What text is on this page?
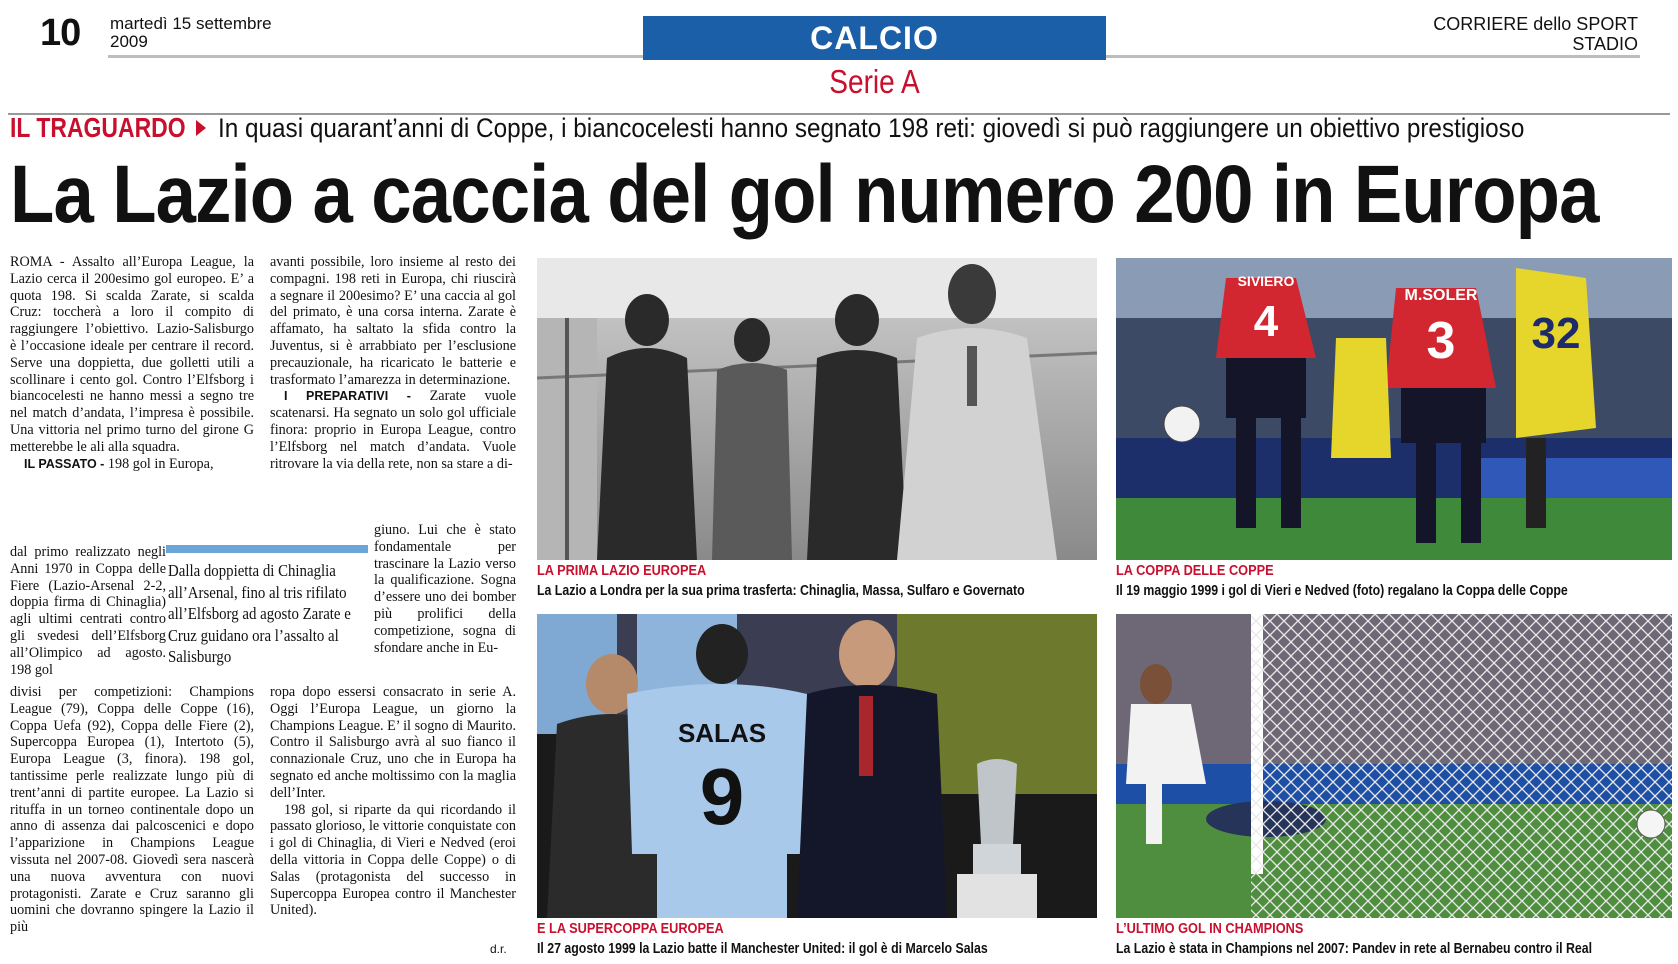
10 martedì 15 settembre
2009	CALCIO	CORRIERE dello SPORT
STADIO
Serie A
IL TRAGUARDO In quasi quarant’anni di Coppe, i biancocelesti hanno segnato 198 reti: giovedì si può raggiungere un obiettivo prestigioso
La Lazio a caccia del gol numero 200 in Europa

ROMA - Assalto all’Europa League, la Lazio cerca il 200esimo gol europeo. E’ a quota 198. Si scalda Zarate, si scalda Cruz: toccherà a loro il compito di raggiungere l’obiettivo. Lazio-Salisburgo è l’occasione ideale per centrare il record. Serve una doppietta, due golletti utili a scollinare i cento gol. Contro l’Elfsborg i biancocelesti ne hanno messi a segno tre nel match d’andata, l’impresa è possibile. Una vittoria nel primo turno del girone G metterebbe le ali alla squadra.

IL PASSATO - 198 gol in Europa,

dal primo realizzato negli Anni 1970 in Coppa delle Fiere (Lazio-Arsenal 2-2, doppia firma di Chinaglia) agli ultimi centrati contro gli svedesi dell’Elfsborg all’Olimpico ad agosto. 198 gol

divisi per competizioni: Champions League (79), Coppa delle Coppe (16), Coppa Uefa (92), Coppa delle Fiere (2), Supercoppa Europea (1), Intertoto (5), Europa League (3, finora). 198 gol, tantissime perle realizzate lungo più di trent’anni di partite europee. La Lazio si rituffa in un torneo continentale dopo un anno di assenza dai palcoscenici e dopo l’apparizione in Champions League vissuta nel 2007-08. Giovedì sera nascerà una nuova avventura con nuovi protagonisti. Zarate e Cruz saranno gli uomini che dovranno spingere la Lazio il più

avanti possibile, loro insieme al resto dei compagni. 198 reti in Europa, chi riuscirà a segnare il 200esimo? E’ una caccia al gol del primato, è una corsa interna. Zarate è affamato, ha saltato la sfida contro la Juventus, si è arrabbiato per l’esclusione precauzionale, ha ricaricato le batterie e trasformato l’amarezza in determinazione.

I PREPARATIVI - Zarate vuole scatenarsi. Ha segnato un solo gol ufficiale finora: proprio in Europa League, contro l’Elfsborg nel match d’andata. Vuole ritrovare la via della rete, non sa stare a di-

giuno. Lui che è stato fondamentale per trascinare la Lazio verso la qualificazione. Sogna d’essere uno dei bomber più prolifici della competizione, sogna di sfondare anche in Eu-

ropa dopo essersi consacrato in serie A. Oggi l’Europa League, un giorno la Champions League. E’ il sogno di Maurito. Contro il Salisburgo avrà al suo fianco il connazionale Cruz, uno che in Europa ha segnato ed anche moltissimo con la maglia dell’Inter.

198 gol, si riparte da qui ricordando il passato glorioso, le vittorie conquistate con i gol di Chinaglia, di Vieri e Nedved (eroi della vittoria in Coppa delle Coppe) o di Salas (protagonista del successo in Supercoppa Europea contro il Manchester United).

d.r.
Dalla doppietta di Chinaglia all’Arsenal, fino al tris rifilato all’Elfsborg ad agosto Zarate e Cruz guidano ora l’assalto al Salisburgo
LA PRIMA LAZIO EUROPEA
La Lazio a Londra per la sua prima trasferta: Chinaglia, Massa, Sulfaro e Governato
SIVIERO
4
M.SOLER
3 32
LA COPPA DELLE COPPE
Il 19 maggio 1999 i gol di Vieri e Nedved (foto) regalano la Coppa delle Coppe
SALAS
9
E LA SUPERCOPPA EUROPEA
Il 27 agosto 1999 la Lazio batte il Manchester United: il gol è di Marcelo Salas
L’ULTIMO GOL IN CHAMPIONS
La Lazio è stata in Champions nel 2007: Pandev in rete al Bernabeu contro il Real
